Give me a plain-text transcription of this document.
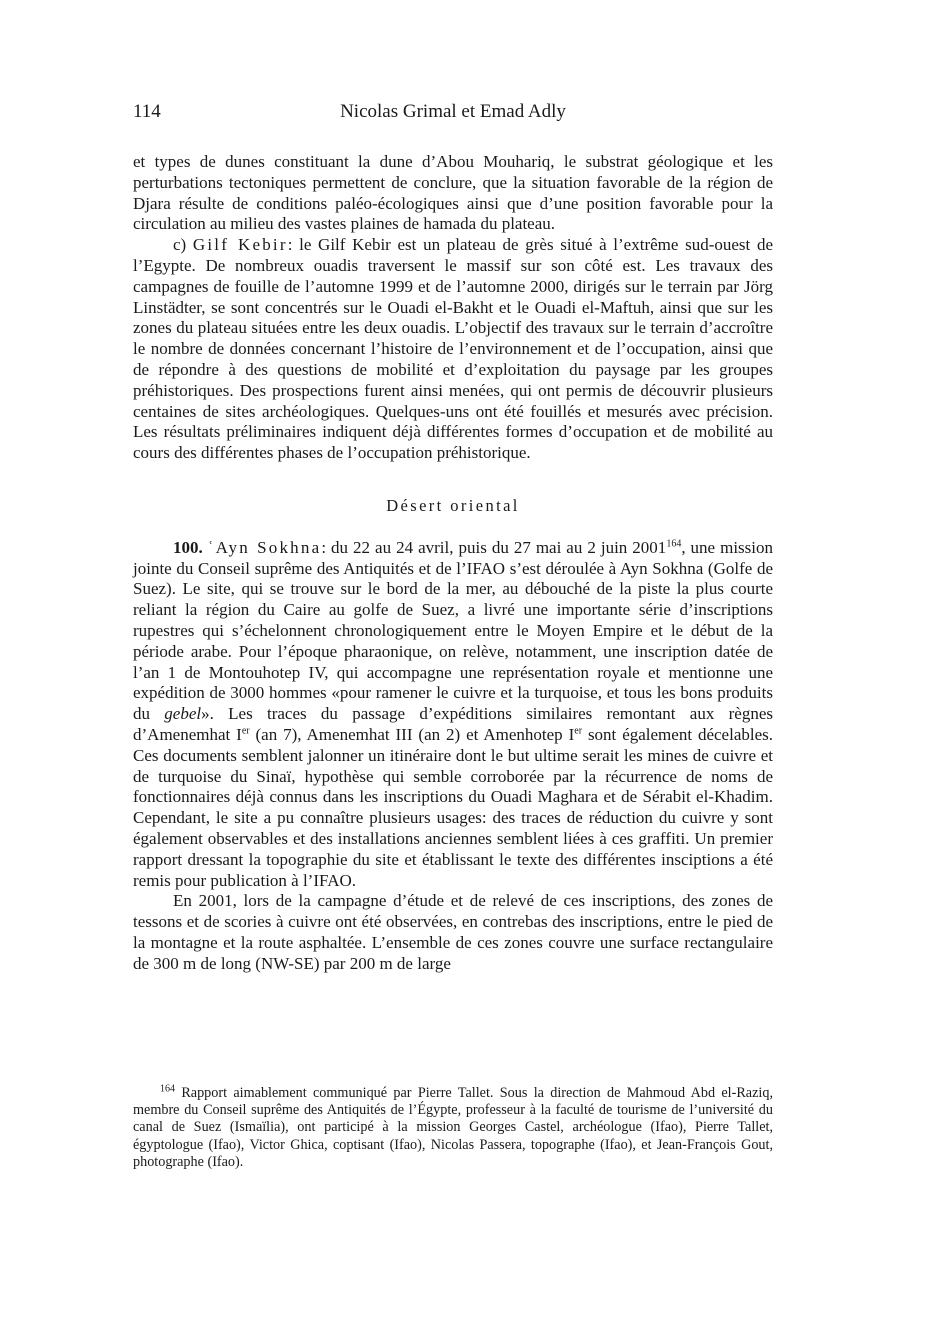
114	Nicolas Grimal et Emad Adly

et types de dunes constituant la dune d’Abou Mouhariq, le substrat géologique et les perturbations tectoniques permettent de conclure, que la situation favorable de la région de Djara résulte de conditions paléo-écologiques ainsi que d’une position favorable pour la circulation au milieu des vastes plaines de hamada du plateau.

c) Gilf Kebir: le Gilf Kebir est un plateau de grès situé à l’extrême sud-ouest de l’Egypte. De nombreux ouadis traversent le massif sur son côté est. Les travaux des campagnes de fouille de l’automne 1999 et de l’automne 2000, dirigés sur le terrain par Jörg Linstädter, se sont concentrés sur le Ouadi el-Bakht et le Ouadi el-Maftuh, ainsi que sur les zones du plateau situées entre les deux ouadis. L’objectif des travaux sur le terrain d’accroître le nombre de données concernant l’histoire de l’environnement et de l’occupation, ainsi que de répondre à des questions de mobilité et d’exploitation du paysage par les groupes préhistoriques. Des prospections furent ainsi menées, qui ont permis de découvrir plusieurs centaines de sites archéologiques. Quelques-uns ont été fouillés et mesurés avec précision. Les résultats préliminaires indiquent déjà différentes formes d’occupation et de mobilité au cours des différentes phases de l’occupation préhistorique.

Désert oriental

100. ʿAyn Sokhna: du 22 au 24 avril, puis du 27 mai au 2 juin 2001$^{164}$, une mission jointe du Conseil suprême des Antiquités et de l’IFAO s’est déroulée à Ayn Sokhna (Golfe de Suez). Le site, qui se trouve sur le bord de la mer, au débouché de la piste la plus courte reliant la région du Caire au golfe de Suez, a livré une importante série d’inscriptions rupestres qui s’échelonnent chronologiquement entre le Moyen Empire et le début de la période arabe. Pour l’époque pharaonique, on relève, notamment, une inscription datée de l’an 1 de Montouhotep IV, qui accompagne une représentation royale et mentionne une expédition de 3000 hommes «pour ramener le cuivre et la turquoise, et tous les bons produits du gebel». Les traces du passage d’expéditions similaires remontant aux règnes d’Amenemhat Ier (an 7), Amenemhat III (an 2) et Amenhotep Ier sont également décelables. Ces documents semblent jalonner un itinéraire dont le but ultime serait les mines de cuivre et de turquoise du Sinaï, hypothèse qui semble corroborée par la récurrence de noms de fonctionnaires déjà connus dans les inscriptions du Ouadi Maghara et de Sérabit el-Khadim. Cependant, le site a pu connaître plusieurs usages: des traces de réduction du cuivre y sont également observables et des installations anciennes semblent liées à ces graffiti. Un premier rapport dressant la topographie du site et établissant le texte des différentes insciptions a été remis pour publication à l’IFAO.

En 2001, lors de la campagne d’étude et de relevé de ces inscriptions, des zones de tessons et de scories à cuivre ont été observées, en contrebas des inscriptions, entre le pied de la montagne et la route asphaltée. L’ensemble de ces zones couvre une surface rectangulaire de 300 m de long (NW-SE) par 200 m de large

$^{164}$ Rapport aimablement communiqué par Pierre Tallet. Sous la direction de Mahmoud Abd el-Raziq, membre du Conseil suprême des Antiquités de l’Égypte, professeur à la faculté de tourisme de l’université du canal de Suez (Ismaïlia), ont participé à la mission Georges Castel, archéologue (Ifao), Pierre Tallet, égyptologue (Ifao), Victor Ghica, coptisant (Ifao), Nicolas Passera, topographe (Ifao), et Jean-François Gout, photographe (Ifao).
